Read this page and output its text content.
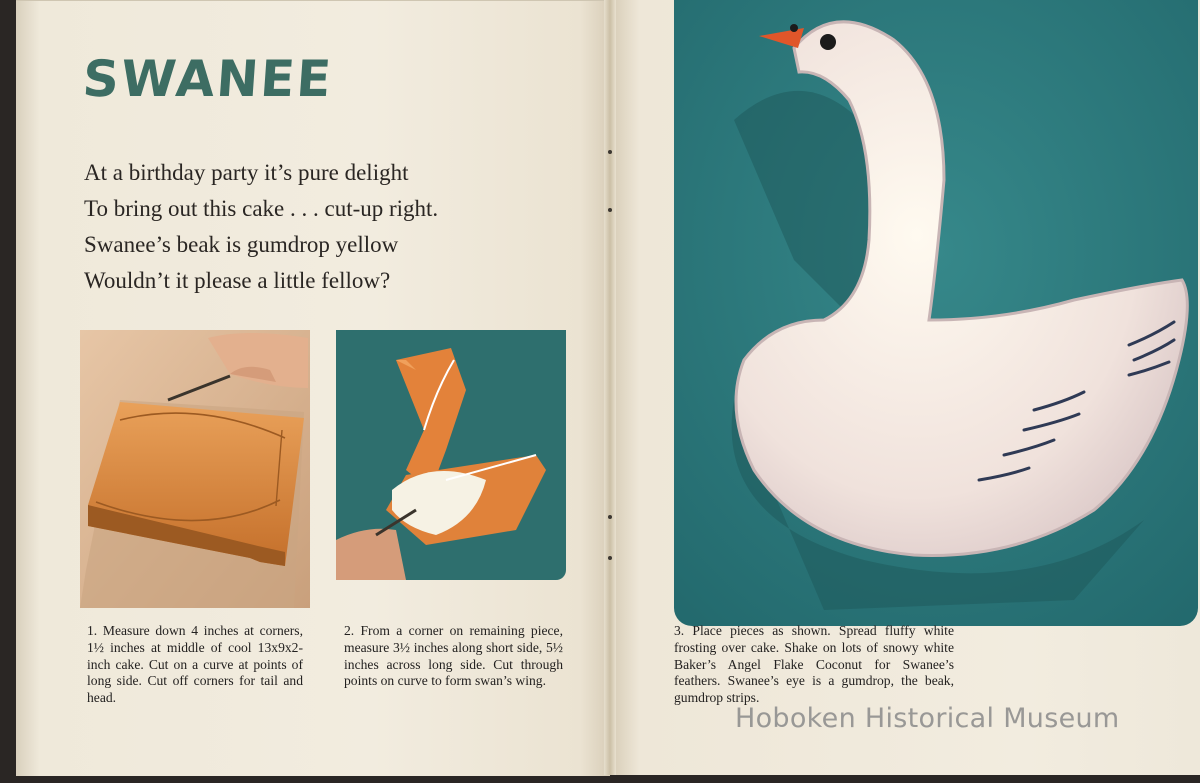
SWANEE
At a birthday party it’s pure delight
To bring out this cake . . . cut-up right.
Swanee’s beak is gumdrop yellow
Wouldn’t it please a little fellow?
1. Measure down 4 inches at corners, 1½ inches at middle of cool 13x9x2-inch cake. Cut on a curve at points of long side. Cut off corners for tail and head.
2. From a corner on remaining piece, measure 3½ inches along short side, 5½ inches across long side. Cut through points on curve to form swan’s wing.
3. Place pieces as shown. Spread fluffy white frosting over cake. Shake on lots of snowy white Baker’s Angel Flake Coconut for Swanee’s feathers. Swanee’s eye is a gumdrop, the beak, gumdrop strips.
Hoboken Historical Museum
